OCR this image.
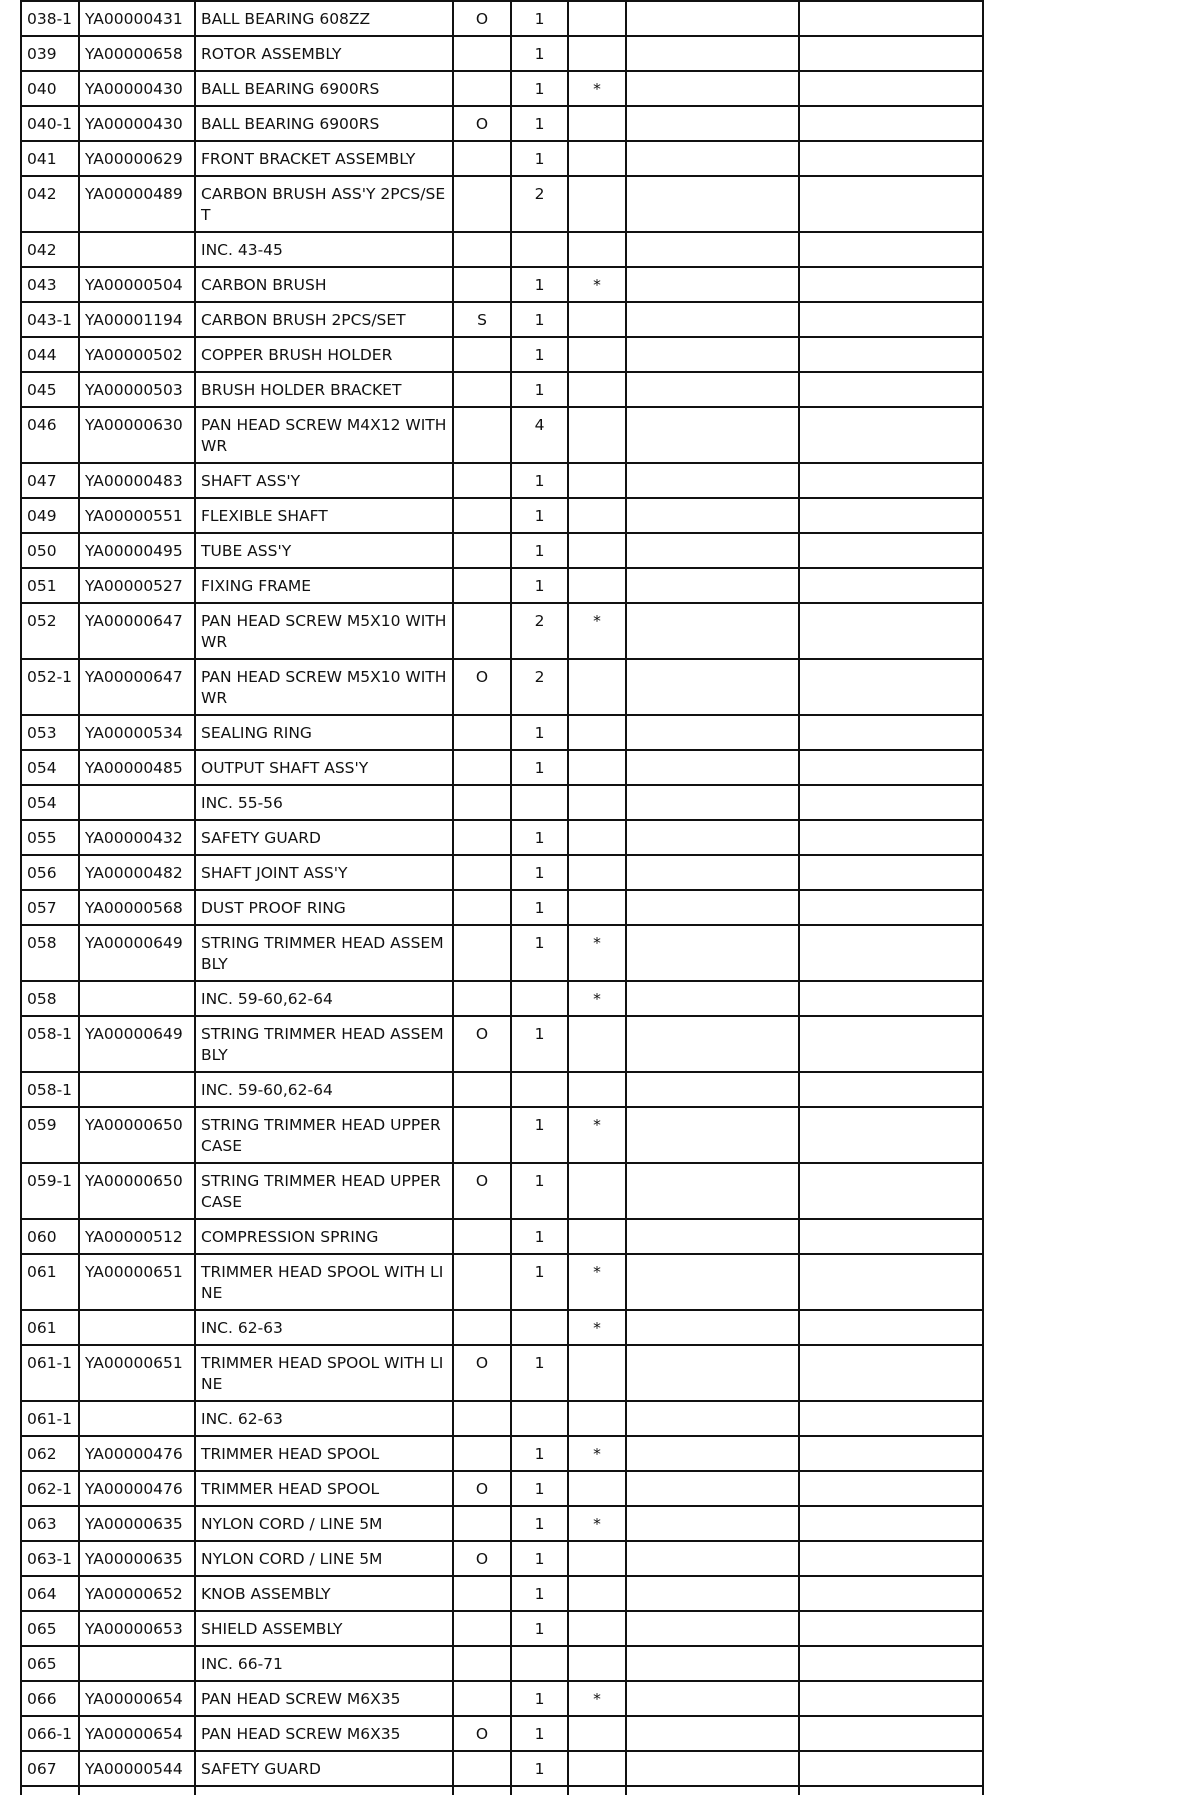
038-1	YA00000431	BALL BEARING 608ZZ	O	1			
039	YA00000658	ROTOR ASSEMBLY		1			
040	YA00000430	BALL BEARING 6900RS		1	*		
040-1	YA00000430	BALL BEARING 6900RS	O	1			
041	YA00000629	FRONT BRACKET ASSEMBLY		1			
042	YA00000489	CARBON BRUSH ASS'Y 2PCS/SET		2			
042		INC. 43-45					
043	YA00000504	CARBON BRUSH		1	*		
043-1	YA00001194	CARBON BRUSH 2PCS/SET	S	1			
044	YA00000502	COPPER BRUSH HOLDER		1			
045	YA00000503	BRUSH HOLDER BRACKET		1			
046	YA00000630	PAN HEAD SCREW M4X12 WITH WR		4			
047	YA00000483	SHAFT ASS'Y		1			
049	YA00000551	FLEXIBLE SHAFT		1			
050	YA00000495	TUBE ASS'Y		1			
051	YA00000527	FIXING FRAME		1			
052	YA00000647	PAN HEAD SCREW M5X10 WITH WR		2	*		
052-1	YA00000647	PAN HEAD SCREW M5X10 WITH WR	O	2			
053	YA00000534	SEALING RING		1			
054	YA00000485	OUTPUT SHAFT ASS'Y		1			
054		INC. 55-56					
055	YA00000432	SAFETY GUARD		1			
056	YA00000482	SHAFT JOINT ASS'Y		1			
057	YA00000568	DUST PROOF RING		1			
058	YA00000649	STRING TRIMMER HEAD ASSEMBLY		1	*		
058		INC. 59-60,62-64			*		
058-1	YA00000649	STRING TRIMMER HEAD ASSEMBLY	O	1			
058-1		INC. 59-60,62-64					
059	YA00000650	STRING TRIMMER HEAD UPPER CASE		1	*		
059-1	YA00000650	STRING TRIMMER HEAD UPPER CASE	O	1			
060	YA00000512	COMPRESSION SPRING		1			
061	YA00000651	TRIMMER HEAD SPOOL WITH LINE		1	*		
061		INC. 62-63			*		
061-1	YA00000651	TRIMMER HEAD SPOOL WITH LINE	O	1			
061-1		INC. 62-63					
062	YA00000476	TRIMMER HEAD SPOOL		1	*		
062-1	YA00000476	TRIMMER HEAD SPOOL	O	1			
063	YA00000635	NYLON CORD / LINE 5M		1	*		
063-1	YA00000635	NYLON CORD / LINE 5M	O	1			
064	YA00000652	KNOB ASSEMBLY		1			
065	YA00000653	SHIELD ASSEMBLY		1			
065		INC. 66-71					
066	YA00000654	PAN HEAD SCREW M6X35		1	*		
066-1	YA00000654	PAN HEAD SCREW M6X35	O	1			
067	YA00000544	SAFETY GUARD		1			
